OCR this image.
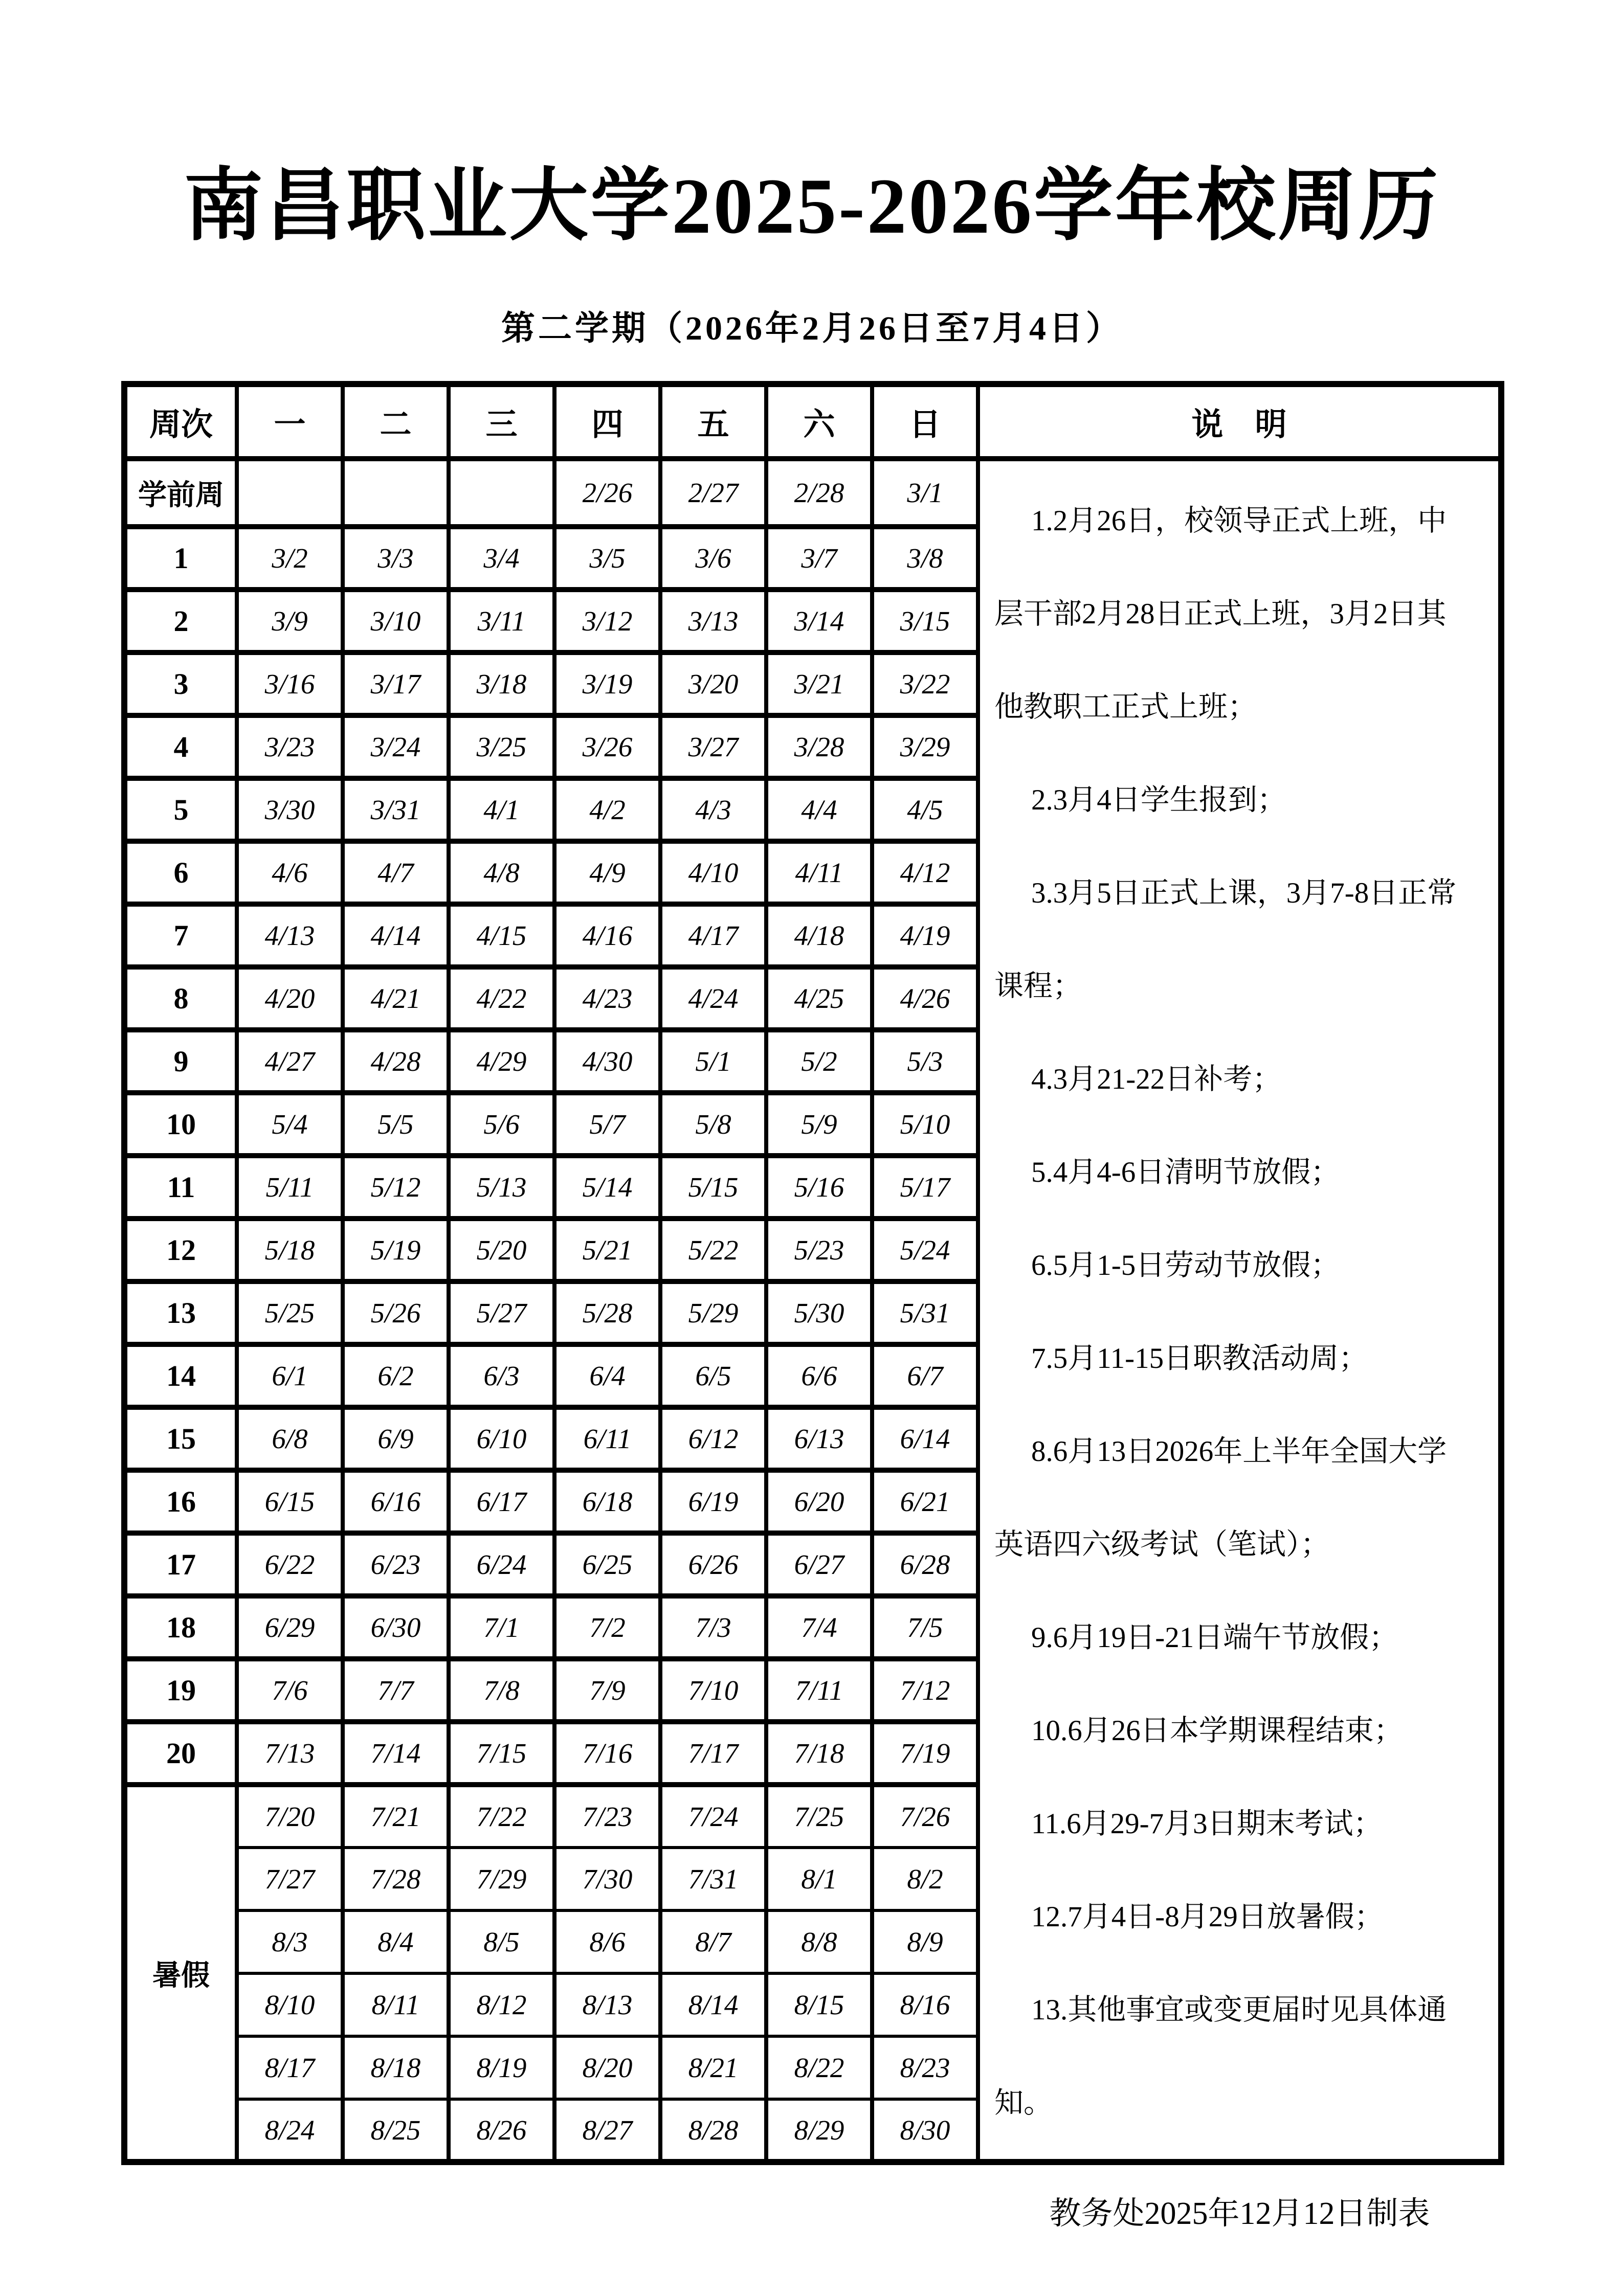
南昌职业大学2025-2026学年校周历
第二学期（2026年2月26日至7月4日）
周次	一	二	三	四	五	六	日	说　明
学前周				2/26	2/27	2/28	3/1	
1.2月26日，校领导正式上班，中
层干部2月28日正式上班，3月2日其
他教职工正式上班；
2.3月4日学生报到；
3.3月5日正式上课，3月7-8日正常
课程；
4.3月21-22日补考；
5.4月4-6日清明节放假；
6.5月1-5日劳动节放假；
7.5月11-15日职教活动周；
8.6月13日2026年上半年全国大学
英语四六级考试（笔试）；
9.6月19日-21日端午节放假；
10.6月26日本学期课程结束；
11.6月29-7月3日期末考试；
12.7月4日-8月29日放暑假；
13.其他事宜或变更届时见具体通
知。

1	3/2	3/3	3/4	3/5	3/6	3/7	3/8	
2	3/9	3/10	3/11	3/12	3/13	3/14	3/15	
3	3/16	3/17	3/18	3/19	3/20	3/21	3/22	
4	3/23	3/24	3/25	3/26	3/27	3/28	3/29	
5	3/30	3/31	4/1	4/2	4/3	4/4	4/5	
6	4/6	4/7	4/8	4/9	4/10	4/11	4/12	
7	4/13	4/14	4/15	4/16	4/17	4/18	4/19	
8	4/20	4/21	4/22	4/23	4/24	4/25	4/26	
9	4/27	4/28	4/29	4/30	5/1	5/2	5/3	
10	5/4	5/5	5/6	5/7	5/8	5/9	5/10	
11	5/11	5/12	5/13	5/14	5/15	5/16	5/17	
12	5/18	5/19	5/20	5/21	5/22	5/23	5/24	
13	5/25	5/26	5/27	5/28	5/29	5/30	5/31	
14	6/1	6/2	6/3	6/4	6/5	6/6	6/7	
15	6/8	6/9	6/10	6/11	6/12	6/13	6/14	
16	6/15	6/16	6/17	6/18	6/19	6/20	6/21	
17	6/22	6/23	6/24	6/25	6/26	6/27	6/28	
18	6/29	6/30	7/1	7/2	7/3	7/4	7/5	
19	7/6	7/7	7/8	7/9	7/10	7/11	7/12	
20	7/13	7/14	7/15	7/16	7/17	7/18	7/19	
暑假	7/20	7/21	7/22	7/23	7/24	7/25	7/26	
	7/27	7/28	7/29	7/30	7/31	8/1	8/2	
	8/3	8/4	8/5	8/6	8/7	8/8	8/9	
	8/10	8/11	8/12	8/13	8/14	8/15	8/16	
	8/17	8/18	8/19	8/20	8/21	8/22	8/23	
	8/24	8/25	8/26	8/27	8/28	8/29	8/30	
教务处2025年12月12日制表
